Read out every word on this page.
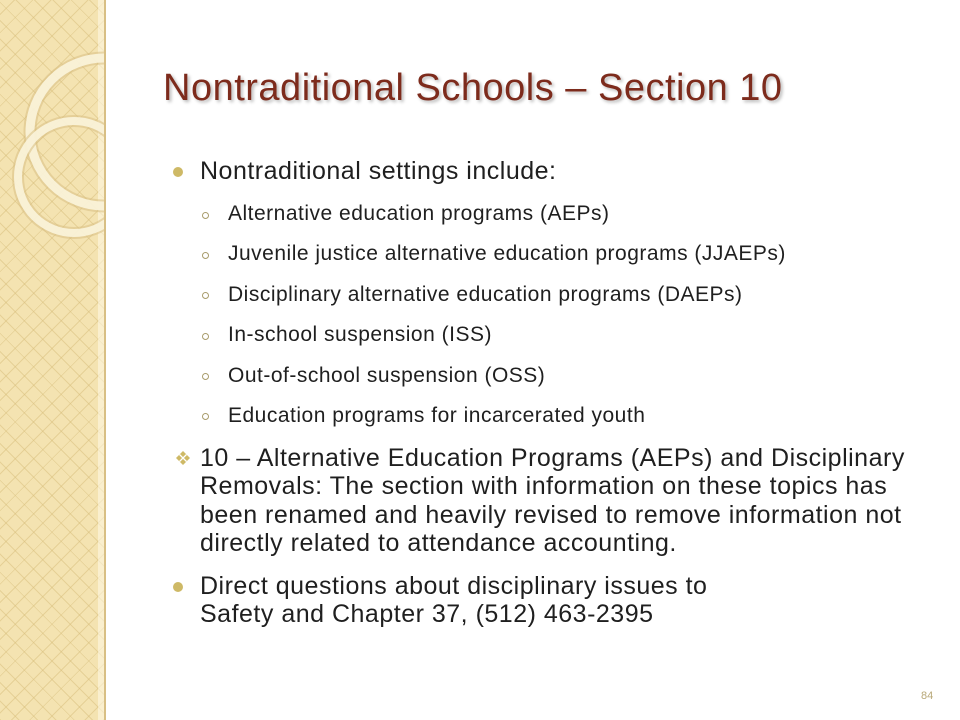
Nontraditional Schools – Section 10
Nontraditional settings include:
Alternative education programs (AEPs)
Juvenile justice alternative education programs (JJAEPs)
Disciplinary alternative education programs (DAEPs)
In-school suspension (ISS)
Out-of-school suspension (OSS)
Education programs for incarcerated youth
10 – Alternative Education Programs (AEPs) and Disciplinary
Removals: The section with information on these topics has
been renamed and heavily revised to remove information not
directly related to attendance accounting.
Direct questions about disciplinary issues to
Safety and Chapter 37, (512) 463-2395
84
